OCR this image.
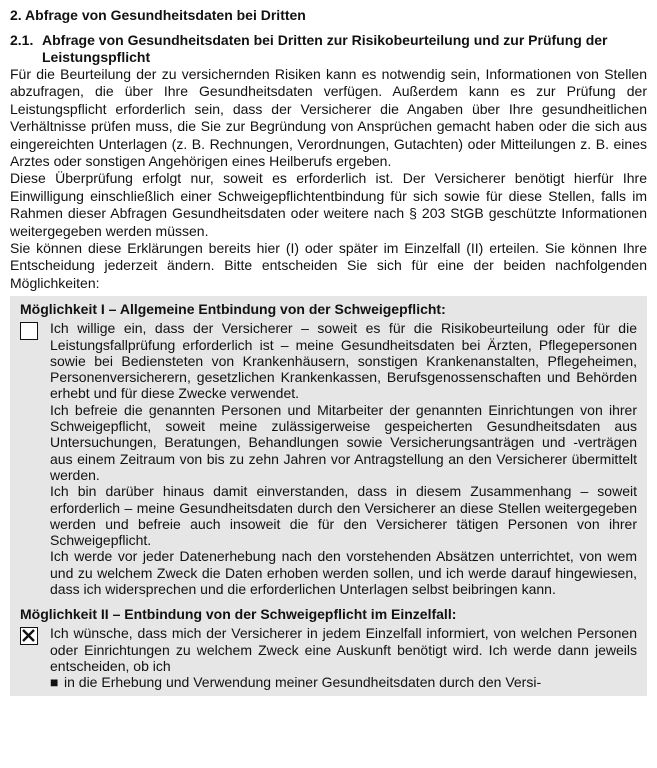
2. Abfrage von Gesundheitsdaten bei Dritten
2.1. Abfrage von Gesundheitsdaten bei Dritten zur Risikobeurteilung und zur Prüfung der Leistungspflicht

Für die Beurteilung der zu versichernden Risiken kann es notwendig sein, Informationen von Stellen abzufragen, die über Ihre Gesundheitsdaten verfügen. Außerdem kann es zur Prüfung der Leistungspflicht erforderlich sein, dass der Versicherer die Angaben über Ihre gesundheitlichen Verhältnisse prüfen muss, die Sie zur Begründung von Ansprüchen gemacht haben oder die sich aus eingereichten Unterlagen (z. B. Rechnungen, Verordnungen, Gutachten) oder Mitteilungen z. B. eines Arztes oder sonstigen Angehörigen eines Heilberufs ergeben.

Diese Überprüfung erfolgt nur, soweit es erforderlich ist. Der Versicherer benötigt hierfür Ihre Einwilligung einschließlich einer Schweigepflichtentbindung für sich sowie für diese Stellen, falls im Rahmen dieser Abfragen Gesundheitsdaten oder weitere nach § 203 StGB geschützte Informationen weitergegeben werden müssen.

Sie können diese Erklärungen bereits hier (I) oder später im Einzelfall (II) erteilen. Sie können Ihre Entscheidung jederzeit ändern. Bitte entscheiden Sie sich für eine der beiden nachfolgenden Möglichkeiten:

Möglichkeit I – Allgemeine Entbindung von der Schweigepflicht:

Ich willige ein, dass der Versicherer – soweit es für die Risikobeurteilung oder für die Leistungsfallprüfung erforderlich ist – meine Gesundheitsdaten bei Ärzten, Pflegepersonen sowie bei Bediensteten von Krankenhäusern, sonstigen Krankenanstalten, Pflegeheimen, Personenversicherern, gesetzlichen Krankenkassen, Berufsgenossenschaften und Behörden erhebt und für diese Zwecke verwendet.

Ich befreie die genannten Personen und Mitarbeiter der genannten Einrichtungen von ihrer Schweigepflicht, soweit meine zulässigerweise gespeicherten Gesundheitsdaten aus Untersuchungen, Beratungen, Behandlungen sowie Versicherungsanträgen und -verträgen aus einem Zeitraum von bis zu zehn Jahren vor Antragstellung an den Versicherer übermittelt werden.

Ich bin darüber hinaus damit einverstanden, dass in diesem Zusammenhang – soweit erforderlich – meine Gesundheitsdaten durch den Versicherer an diese Stellen weitergegeben werden und befreie auch insoweit die für den Versicherer tätigen Personen von ihrer Schweigepflicht.

Ich werde vor jeder Datenerhebung nach den vorstehenden Absätzen unterrichtet, von wem und zu welchem Zweck die Daten erhoben werden sollen, und ich werde darauf hingewiesen, dass ich widersprechen und die erforderlichen Unterlagen selbst beibringen kann.

Möglichkeit II – Entbindung von der Schweigepflicht im Einzelfall:

Ich wünsche, dass mich der Versicherer in jedem Einzelfall informiert, von welchen Personen oder Einrichtungen zu welchem Zweck eine Auskunft benötigt wird. Ich werde dann jeweils entscheiden, ob ich

■ in die Erhebung und Verwendung meiner Gesundheitsdaten durch den Versi-
